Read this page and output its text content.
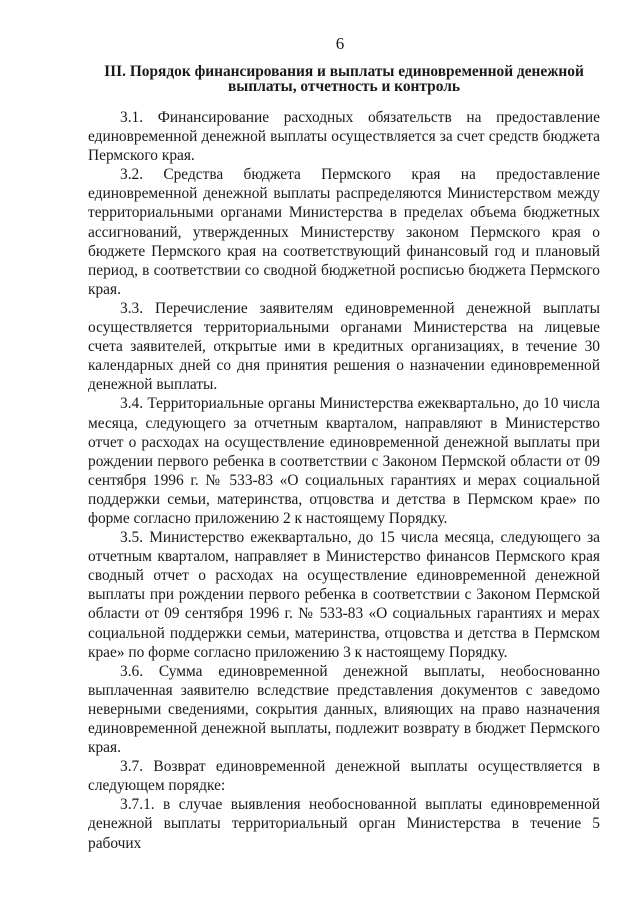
6
III. Порядок финансирования и выплаты единовременной денежной
выплаты, отчетность и контроль

3.1. Финансирование расходных обязательств на предоставление единовременной денежной выплаты осуществляется за счет средств бюджета Пермского края.

3.2. Средства бюджета Пермского края на предоставление единовременной денежной выплаты распределяются Министерством между территориальными органами Министерства в пределах объема бюджетных ассигнований, утвержденных Министерству законом Пермского края о бюджете Пермского края на соответствующий финансовый год и плановый период, в соответствии со сводной бюджетной росписью бюджета Пермского края.

3.3. Перечисление заявителям единовременной денежной выплаты осуществляется территориальными органами Министерства на лицевые счета заявителей, открытые ими в кредитных организациях, в течение 30 календарных дней со дня принятия решения о назначении единовременной денежной выплаты.

3.4. Территориальные органы Министерства ежеквартально, до 10 числа месяца, следующего за отчетным кварталом, направляют в Министерство отчет о расходах на осуществление единовременной денежной выплаты при рождении первого ребенка в соответствии с Законом Пермской области от 09 сентября 1996 г. № 533-83 «О социальных гарантиях и мерах социальной поддержки семьи, материнства, отцовства и детства в Пермском крае» по форме согласно приложению 2 к настоящему Порядку.

3.5. Министерство ежеквартально, до 15 числа месяца, следующего за отчетным кварталом, направляет в Министерство финансов Пермского края сводный отчет о расходах на осуществление единовременной денежной выплаты при рождении первого ребенка в соответствии с Законом Пермской области от 09 сентября 1996 г. № 533-83 «О социальных гарантиях и мерах социальной поддержки семьи, материнства, отцовства и детства в Пермском крае» по форме согласно приложению 3 к настоящему Порядку.

3.6. Сумма единовременной денежной выплаты, необоснованно выплаченная заявителю вследствие представления документов с заведомо неверными сведениями, сокрытия данных, влияющих на право назначения единовременной денежной выплаты, подлежит возврату в бюджет Пермского края.

3.7. Возврат единовременной денежной выплаты осуществляется в следующем порядке:

3.7.1. в случае выявления необоснованной выплаты единовременной денежной выплаты территориальный орган Министерства в течение 5 рабочих
